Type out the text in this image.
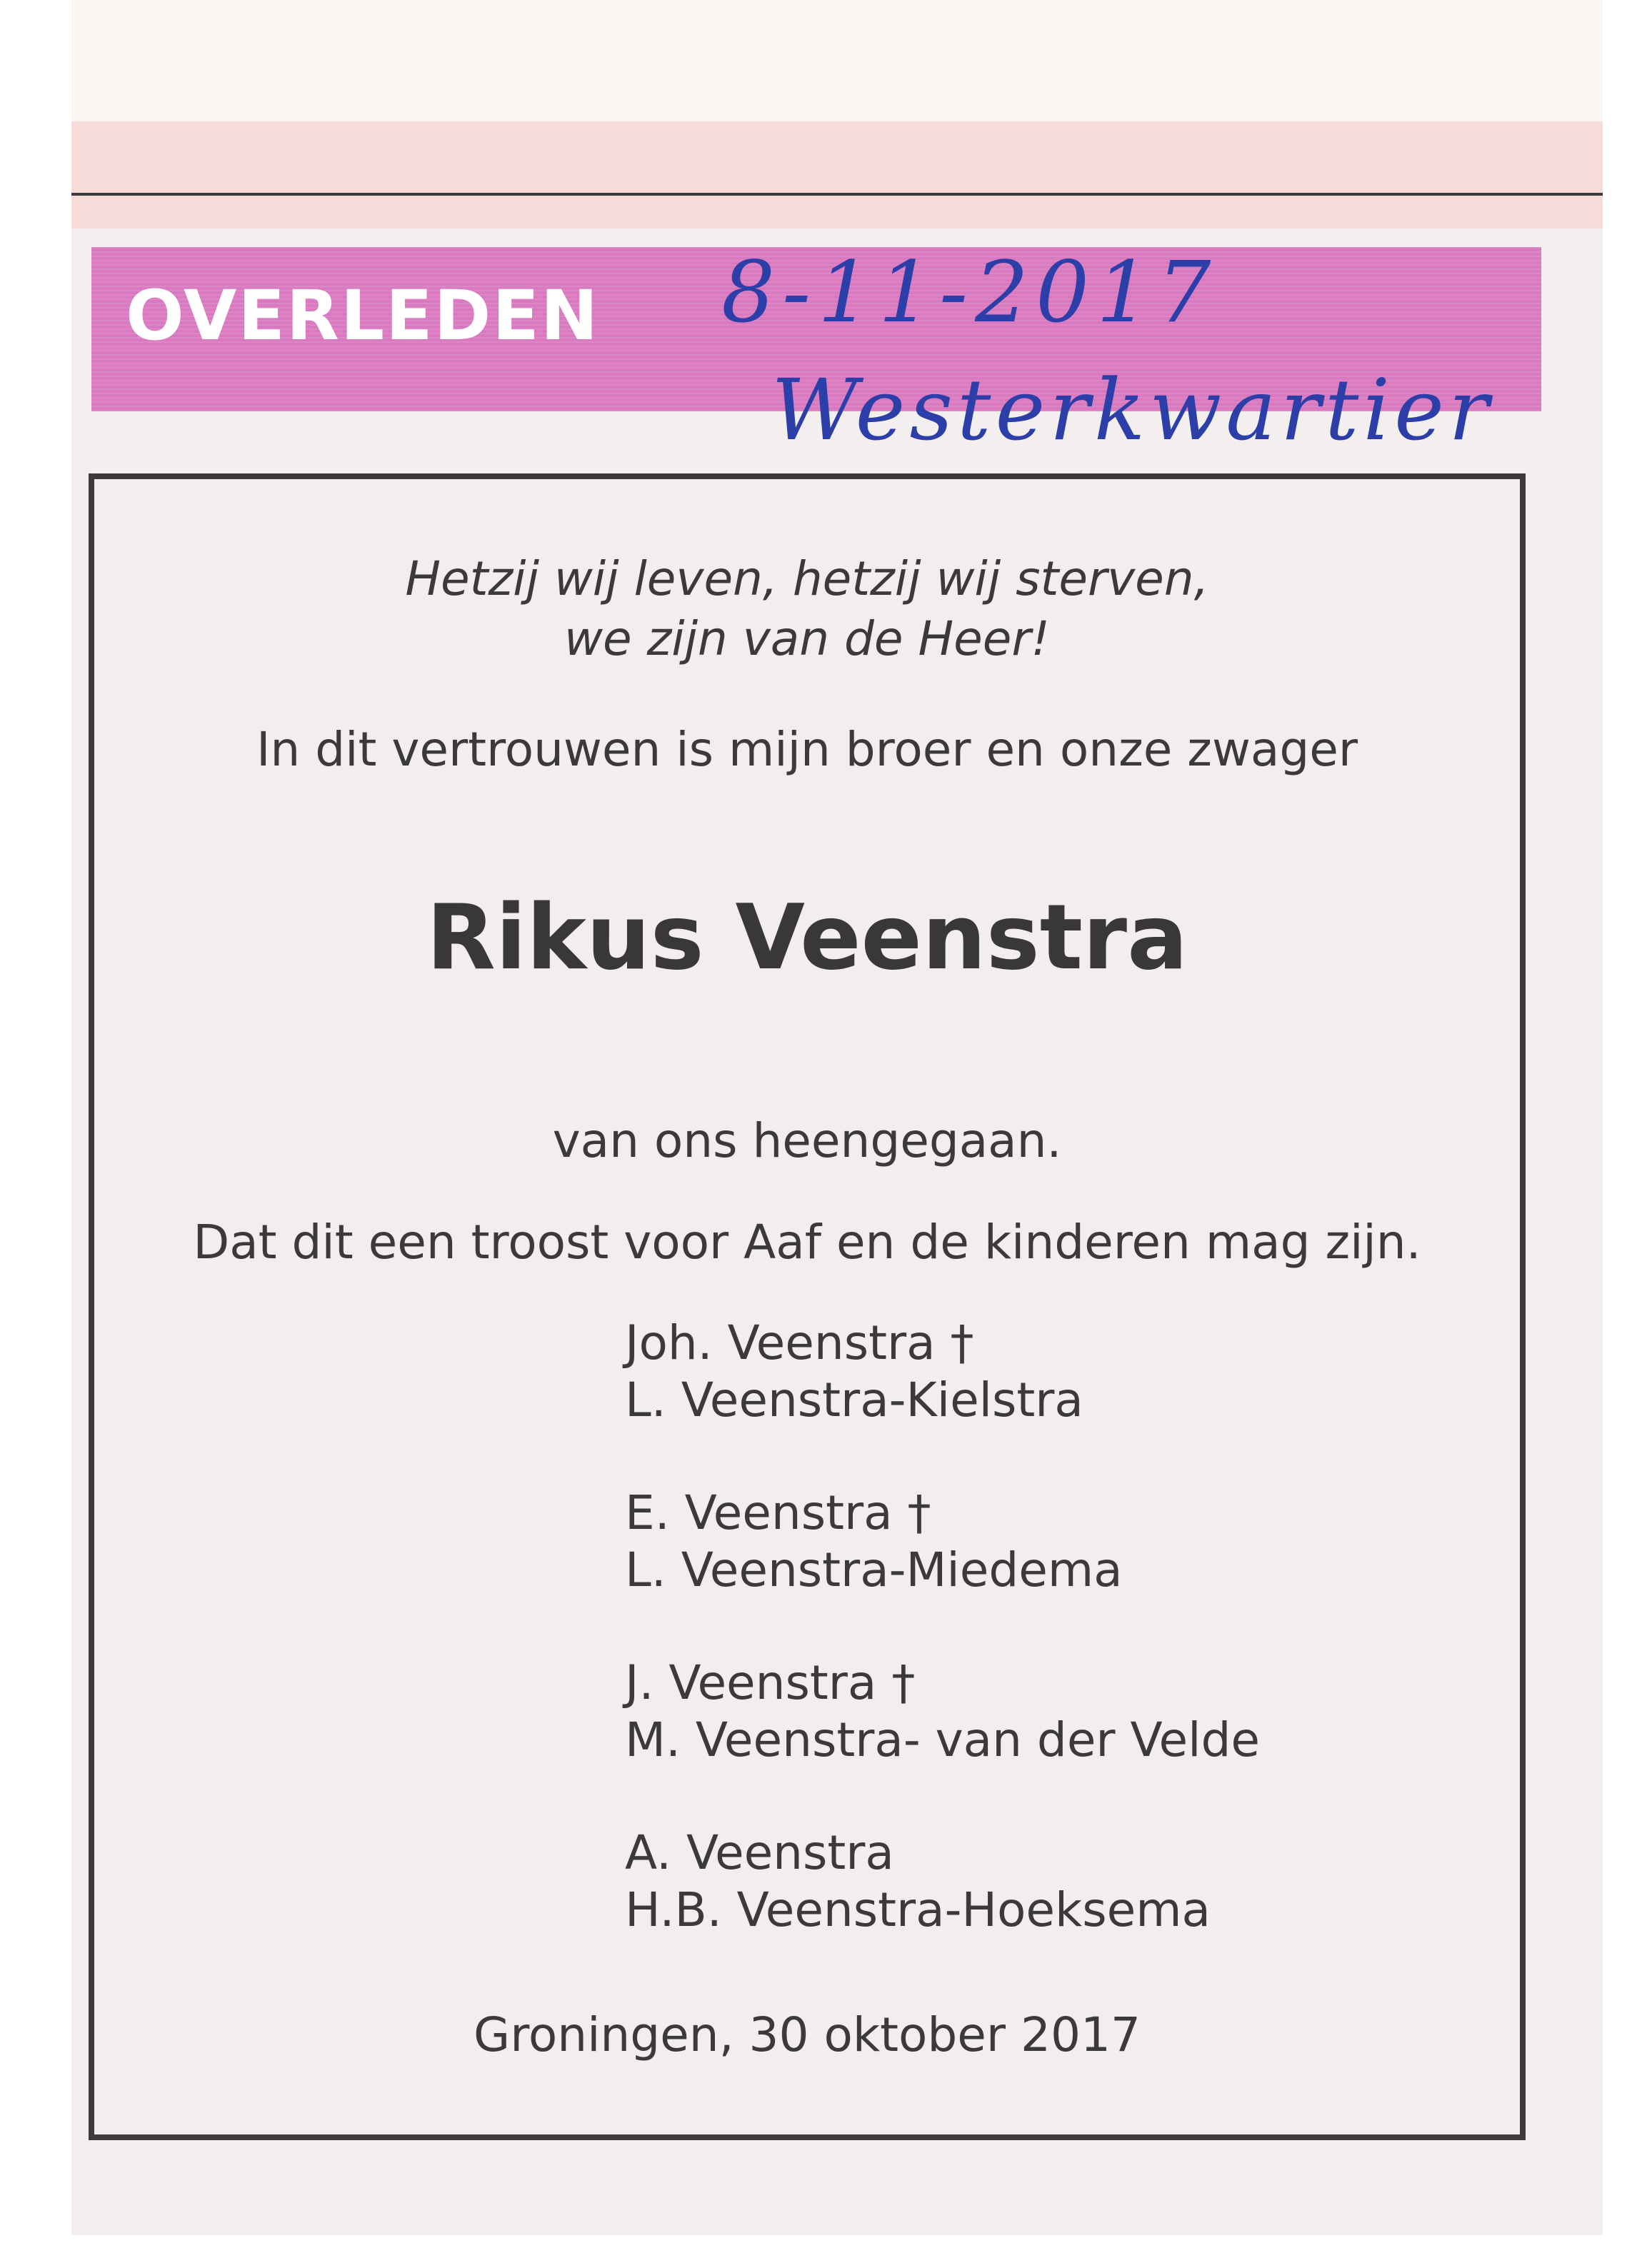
OVERLEDEN 8-11-2017
Westerkwartier
Hetzij wij leven, hetzij wij sterven,
we zijn van de Heer!
In dit vertrouwen is mijn broer en onze zwager
Rikus Veenstra
van ons heengegaan.
Dat dit een troost voor Aaf en de kinderen mag zijn.
Joh. Veenstra †
L. Veenstra-Kielstra
E. Veenstra †
L. Veenstra-Miedema
J. Veenstra †
M. Veenstra- van der Velde
A. Veenstra
H.B. Veenstra-Hoeksema
Groningen, 30 oktober 2017
